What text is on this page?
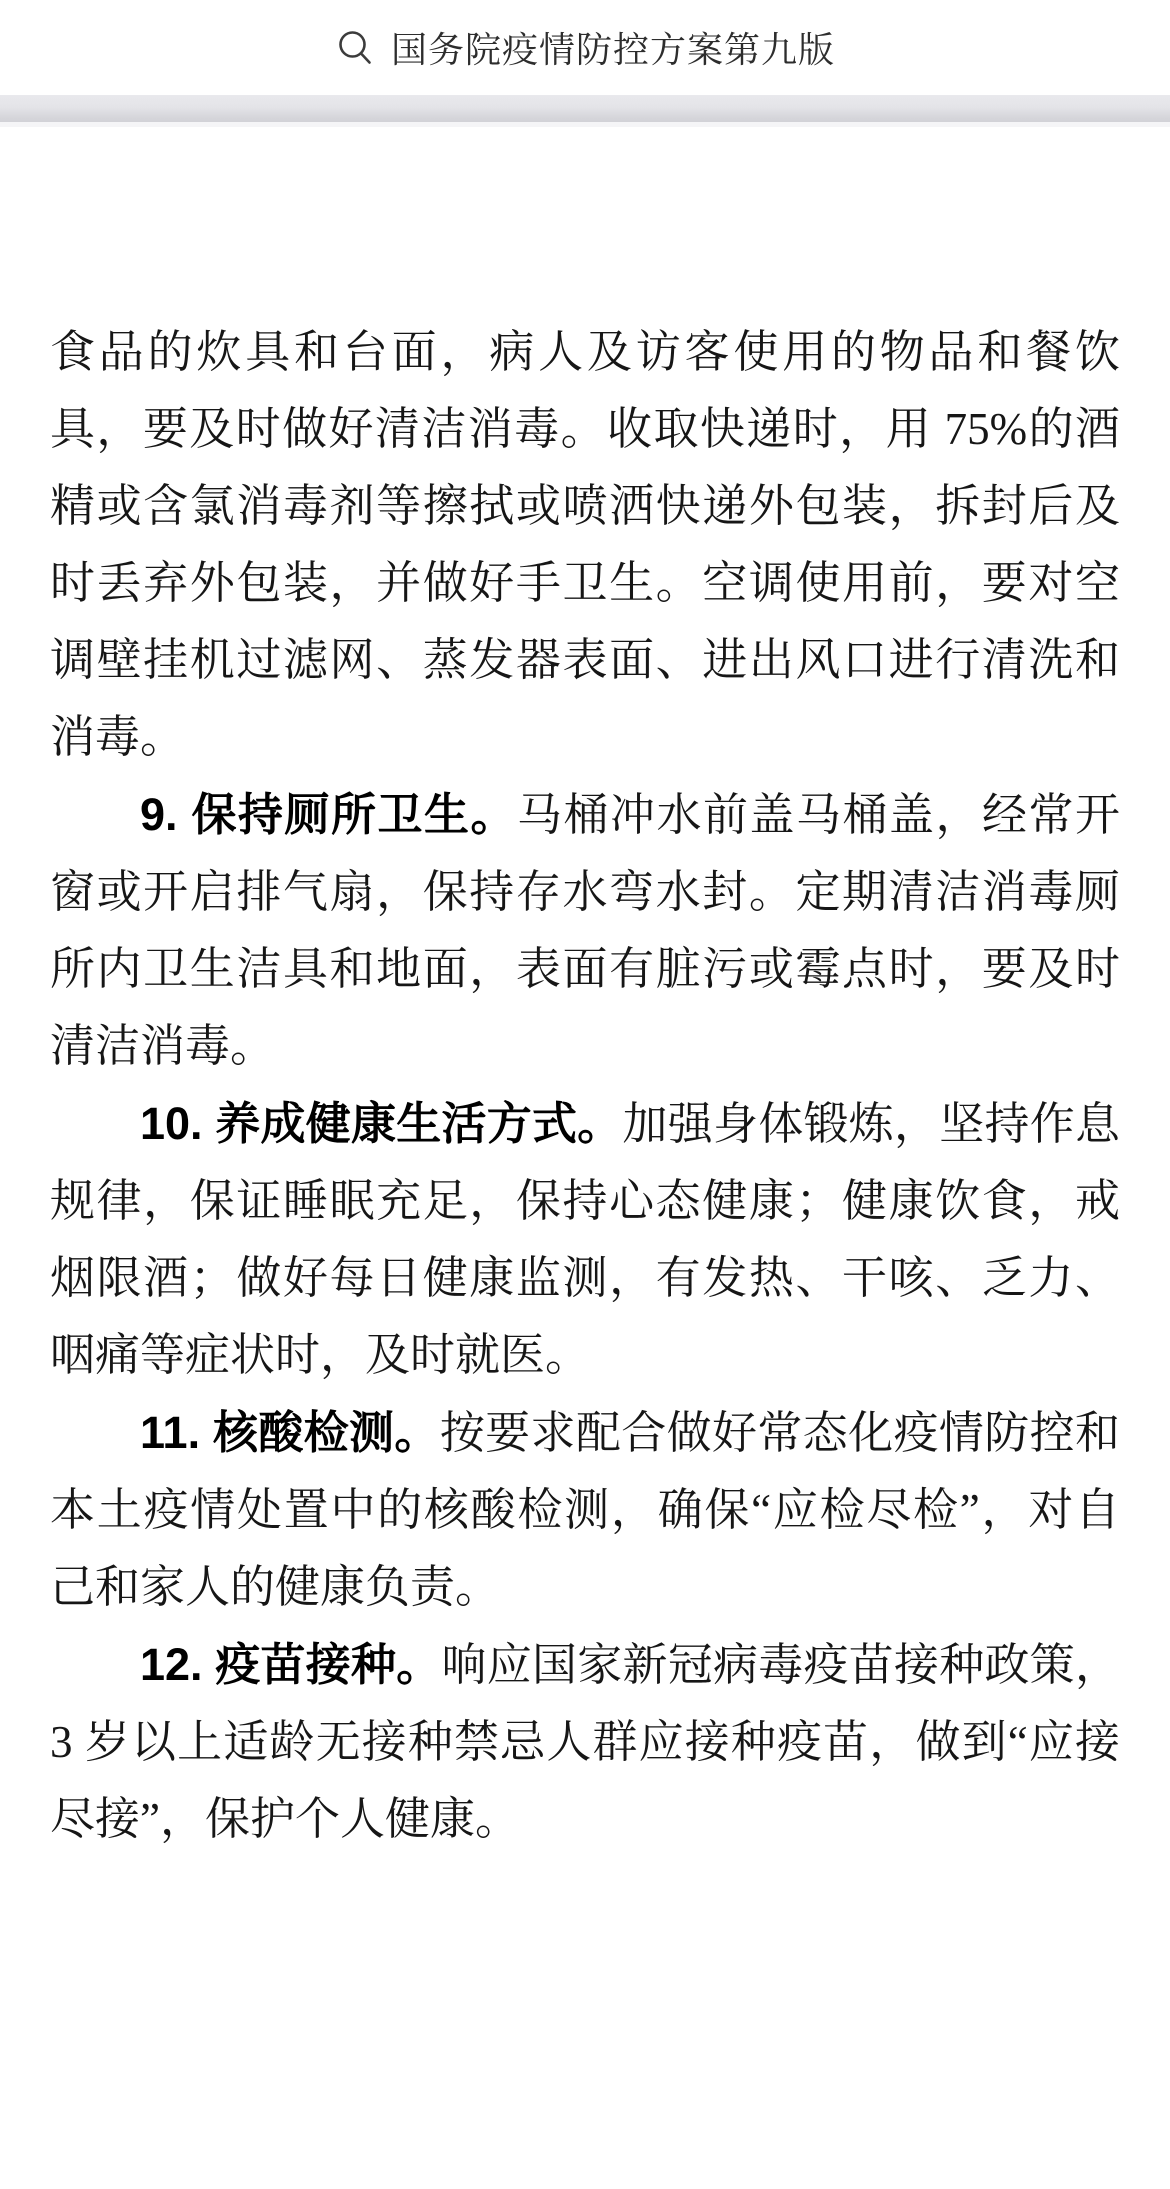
国务院疫情防控方案第九版

食品的炊具和台面，病人及访客使用的物品和餐饮具，要及时做好清洁消毒。收取快递时，用 75%的酒精或含氯消毒剂等擦拭或喷洒快递外包装，拆封后及时丢弃外包装，并做好手卫生。空调使用前，要对空调壁挂机过滤网、蒸发器表面、进出风口进行清洗和消毒。

9. 保持厕所卫生。马桶冲水前盖马桶盖，经常开窗或开启排气扇，保持存水弯水封。定期清洁消毒厕所内卫生洁具和地面，表面有脏污或霉点时，要及时清洁消毒。

10. 养成健康生活方式。加强身体锻炼，坚持作息规律，保证睡眠充足，保持心态健康；健康饮食，戒烟限酒；做好每日健康监测，有发热、干咳、乏力、咽痛等症状时，及时就医。

11. 核酸检测。按要求配合做好常态化疫情防控和本土疫情处置中的核酸检测，确保“应检尽检”，对自己和家人的健康负责。

12. 疫苗接种。响应国家新冠病毒疫苗接种政策，3 岁以上适龄无接种禁忌人群应接种疫苗，做到“应接尽接”，保护个人健康。
